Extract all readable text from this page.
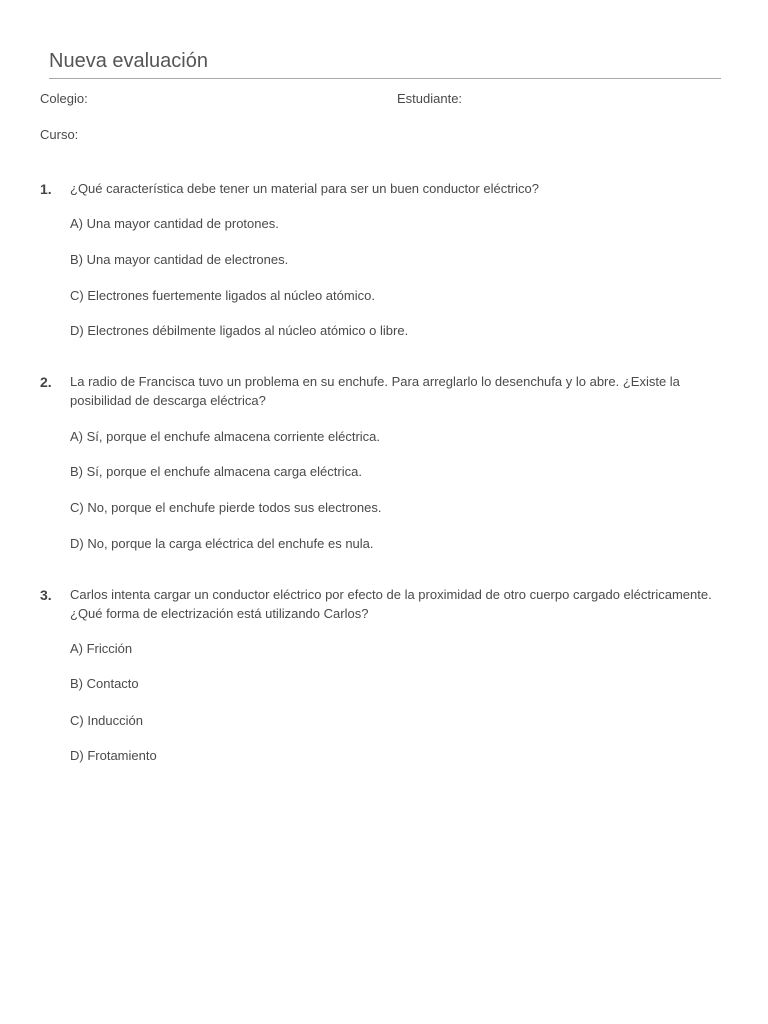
Nueva evaluación
Colegio:	Estudiante:
Curso:
1. ¿Qué característica debe tener un material para ser un buen conductor eléctrico?
A) Una mayor cantidad de protones.
B) Una mayor cantidad de electrones.
C) Electrones fuertemente ligados al núcleo atómico.
D) Electrones débilmente ligados al núcleo atómico o libre.
2. La radio de Francisca tuvo un problema en su enchufe. Para arreglarlo lo desenchufa y lo abre. ¿Existe la posibilidad de descarga eléctrica?
A) Sí, porque el enchufe almacena corriente eléctrica.
B) Sí, porque el enchufe almacena carga eléctrica.
C) No, porque el enchufe pierde todos sus electrones.
D) No, porque la carga eléctrica del enchufe es nula.
3. Carlos intenta cargar un conductor eléctrico por efecto de la proximidad de otro cuerpo cargado eléctricamente. ¿Qué forma de electrización está utilizando Carlos?
A) Fricción
B) Contacto
C) Inducción
D) Frotamiento
